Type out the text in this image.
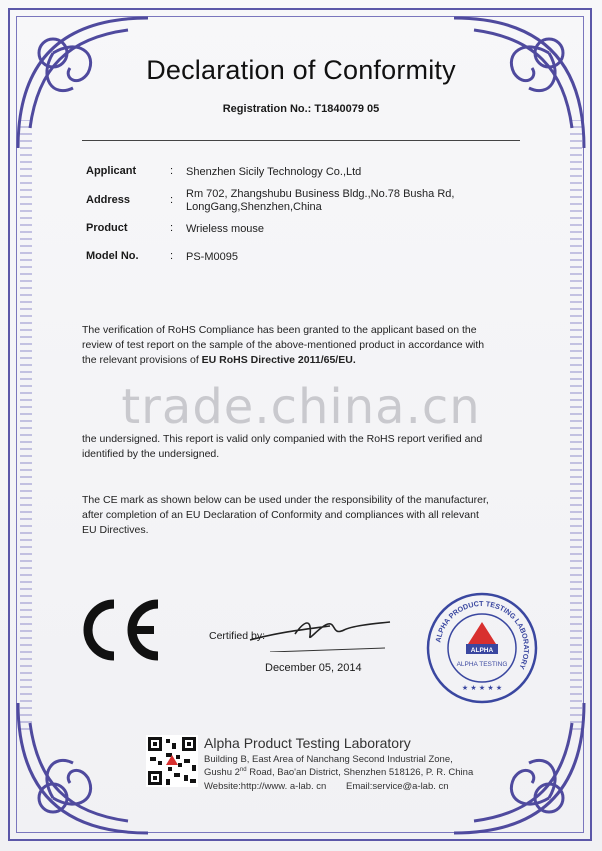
Declaration of Conformity
Registration No.: T1840079 05
Applicant	: Shenzhen Sicily Technology Co.,Ltd
Address	: Rm 702, Zhangshubu Business Bldg.,No.78 Busha Rd,
LongGang,Shenzhen,China
Product	: Wrieless mouse
Model No.	: PS-M0095
The verification of RoHS Compliance has been granted to the applicant based on the
review of test report on the sample of the above-mentioned product in accordance with
the relevant provisions of EU RoHS Directive 2011/65/EU.
trade.china.cn
the undersigned. This report is valid only companied with the RoHS report verified and
identified by the undersigned.
The CE mark as shown below can be used under the responsibility of the manufacturer,
after completion of an EU Declaration of Conformity and compliances with all relevant
EU Directives.
Certified by:
December 05, 2014
ALPHA PRODUCT TESTING LABORATORY
ALPHA
ALPHA TESTING
★ ★ ★ ★ ★
Alpha Product Testing Laboratory
Building B, East Area of Nanchang Second Industrial Zone,
Gushu 2nd Road, Bao'an District, Shenzhen 518126, P. R. China
Website:http://www. a-lab. cn Email:service@a-lab. cn
